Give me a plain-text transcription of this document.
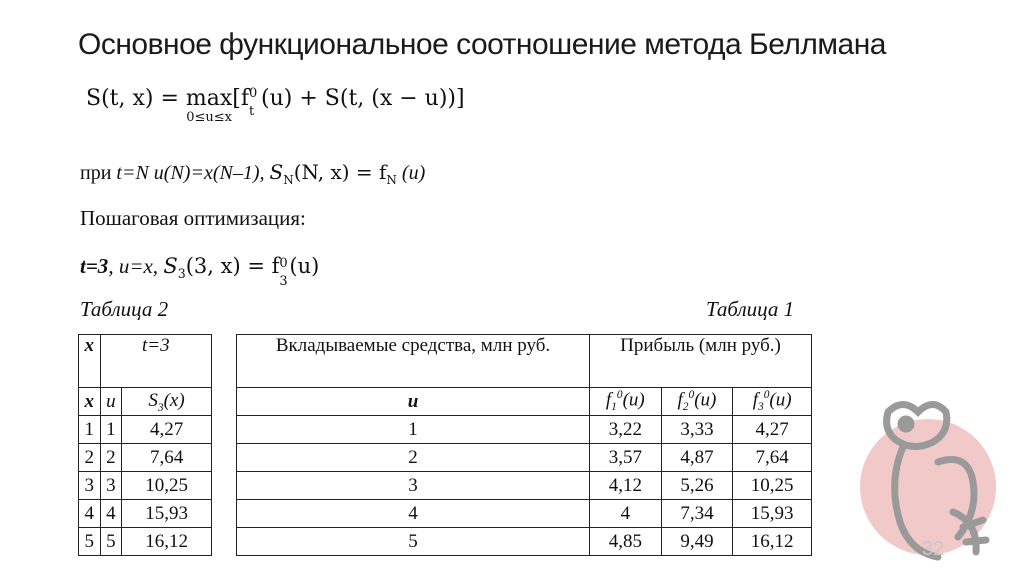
Основное функциональное соотношение метода Беллмана
S(t, x) = max
0≤u≤x
[f 0
t
(u) + S(t, (x − u))]
при t=N u(N)=x(N–1), $S_N(N$, $x) = f_N$ (u)
Пошаговая оптимизация:
t=3, u=x, $S_3(3$, x) = f 0
3
(u)
Таблица 2	Таблица 1
x	t=3	
x	u	$S_3(x)$
1	1	4,27
2	2	7,64
3	3	10,25
4	4	15,93
5	5	16,12
Вкладываемые средства, млн руб.	Прибыль (млн руб.)		
u	$f_1^0(u)$	$f_2^0(u)$	$f_3^0(u)$
1	3,22	3,33	4,27
2	3,57	4,87	7,64
3	4,12	5,26	10,25
4	4	7,34	15,93
5	4,85	9,49	16,12	32
